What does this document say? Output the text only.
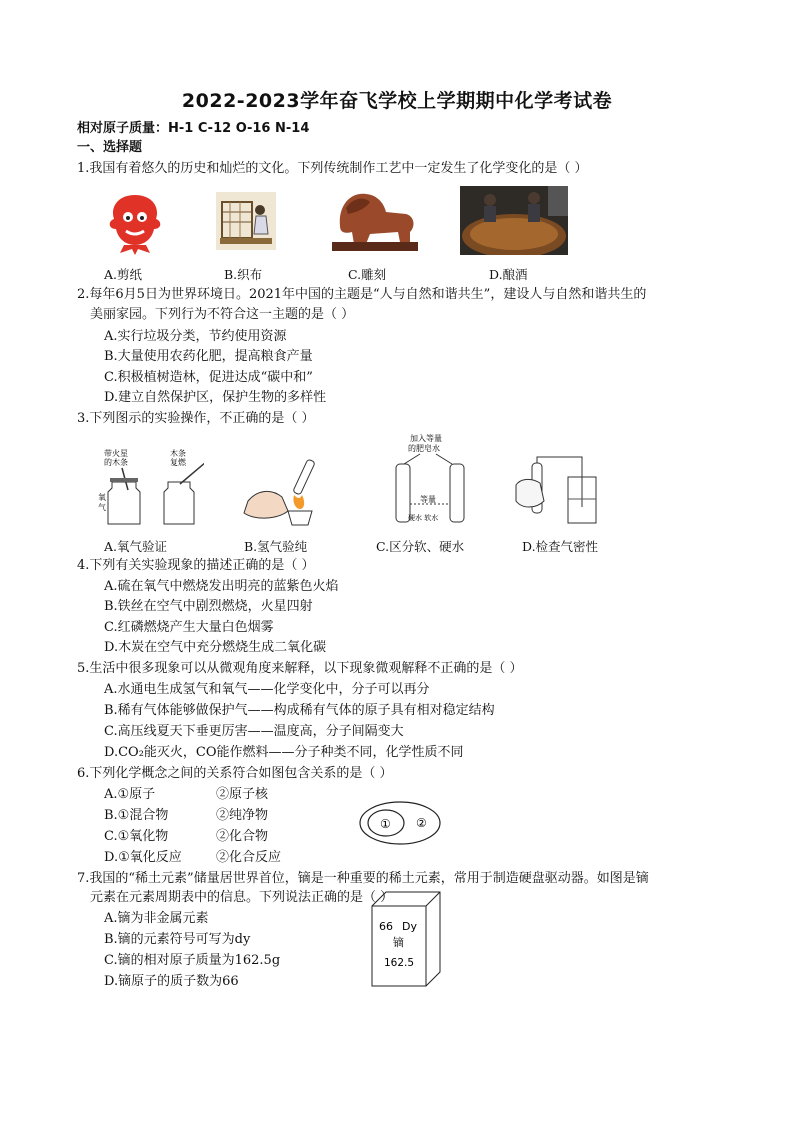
2022-2023学年奋飞学校上学期期中化学考试卷
相对原子质量：H-1 C-12 O-16 N-14
一、选择题
1.我国有着悠久的历史和灿烂的文化。下列传统制作工艺中一定发生了化学变化的是（ ）
A.剪纸	B.织布	C.雕刻	D.酿酒
2.每年6月5日为世界环境日。2021年中国的主题是“人与自然和谐共生”，建设人与自然和谐共生的
美丽家园。下列行为不符合这一主题的是（ ）
A.实行垃圾分类，节约使用资源
B.大量使用农药化肥，提高粮食产量
C.积极植树造林，促进达成“碳中和”
D.建立自然保护区，保护生物的多样性
3.下列图示的实验操作，不正确的是（ ）
带火星
的木条
木条
复燃
氧
气
加入等量
的肥皂水
等量
硬水 软水
A.氧气验证	B.氢气验纯	C.区分软、硬水	D.检查气密性
4.下列有关实验现象的描述正确的是（ ）
A.硫在氧气中燃烧发出明亮的蓝紫色火焰
B.铁丝在空气中剧烈燃烧，火星四射
C.红磷燃烧产生大量白色烟雾
D.木炭在空气中充分燃烧生成二氧化碳
5.生活中很多现象可以从微观角度来解释，以下现象微观解释不正确的是（ ）
A.水通电生成氢气和氧气——化学变化中，分子可以再分
B.稀有气体能够做保护气——构成稀有气体的原子具有相对稳定结构
C.高压线夏天下垂更厉害——温度高，分子间隔变大
D.CO₂能灭火，CO能作燃料——分子种类不同，化学性质不同
6.下列化学概念之间的关系符合如图包含关系的是（ ）
A.①原子	②原子核
B.①混合物	②纯净物
C.①氧化物	②化合物
D.①氧化反应	②化合反应
① ②
7.我国的“稀土元素”储量居世界首位，镝是一种重要的稀土元素，常用于制造硬盘驱动器。如图是镝
元素在元素周期表中的信息。下列说法正确的是（ ）
A.镝为非金属元素
B.镝的元素符号可写为dy
C.镝的相对原子质量为162.5g
D.镝原子的质子数为66
66 Dy
镝
162.5
